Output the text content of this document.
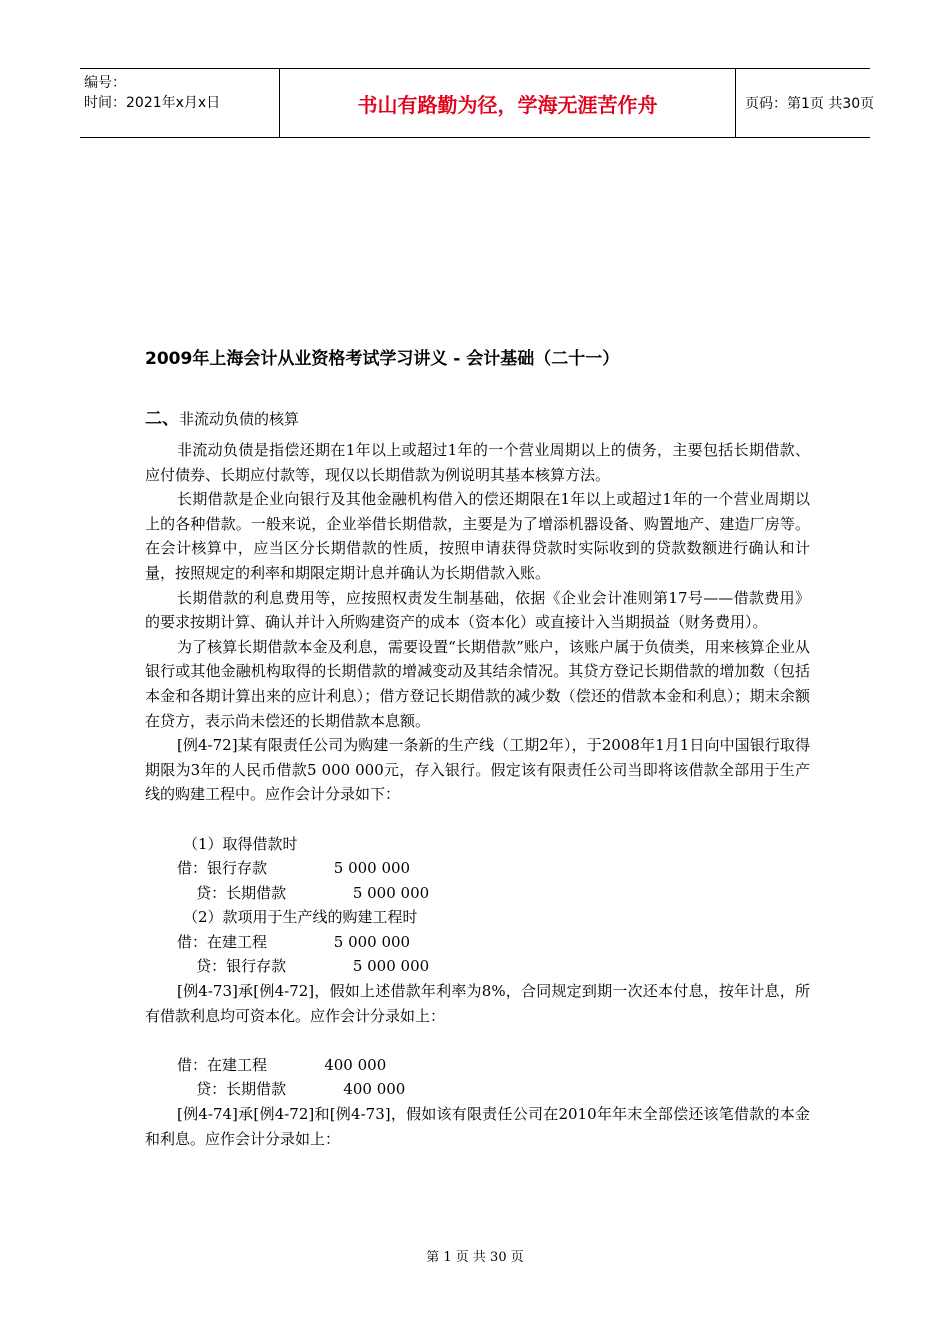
编号：
时间：2021年x月x日	书山有路勤为径，学海无涯苦作舟	页码：第1页 共30页
2009年上海会计从业资格考试学习讲义 - 会计基础（二十一）
二、非流动负债的核算

非流动负债是指偿还期在1年以上或超过1年的一个营业周期以上的债务，主要包括长期借款、应付债券、长期应付款等，现仅以长期借款为例说明其基本核算方法。

长期借款是企业向银行及其他金融机构借入的偿还期限在1年以上或超过1年的一个营业周期以上的各种借款。一般来说，企业举借长期借款，主要是为了增添机器设备、购置地产、建造厂房等。在会计核算中，应当区分长期借款的性质，按照申请获得贷款时实际收到的贷款数额进行确认和计量，按照规定的利率和期限定期计息并确认为长期借款入账。

长期借款的利息费用等，应按照权责发生制基础，依据《企业会计准则第17号——借款费用》的要求按期计算、确认并计入所购建资产的成本（资本化）或直接计入当期损益（财务费用）。

为了核算长期借款本金及利息，需要设置“长期借款”账户，该账户属于负债类，用来核算企业从银行或其他金融机构取得的长期借款的增减变动及其结余情况。其贷方登记长期借款的增加数（包括本金和各期计算出来的应计利息）；借方登记长期借款的减少数（偿还的借款本金和利息）；期末余额在贷方，表示尚未偿还的长期借款本息额。

[例4-72]某有限责任公司为购建一条新的生产线（工期2年），于2008年1月1日向中国银行取得期限为3年的人民币借款5 000 000元，存入银行。假定该有限责任公司当即将该借款全部用于生产线的购建工程中。应作会计分录如下：

（1）取得借款时

借：银行存款              5 000 000

贷：长期借款              5 000 000

（2）款项用于生产线的购建工程时

借：在建工程              5 000 000

贷：银行存款              5 000 000

[例4-73]承[例4-72]，假如上述借款年利率为8%，合同规定到期一次还本付息，按年计息，所有借款利息均可资本化。应作会计分录如上：

借：在建工程            400 000

贷：长期借款            400 000

[例4-74]承[例4-72]和[例4-73]，假如该有限责任公司在2010年年末全部偿还该笔借款的本金和利息。应作会计分录如上：

第 1 页 共 30 页
